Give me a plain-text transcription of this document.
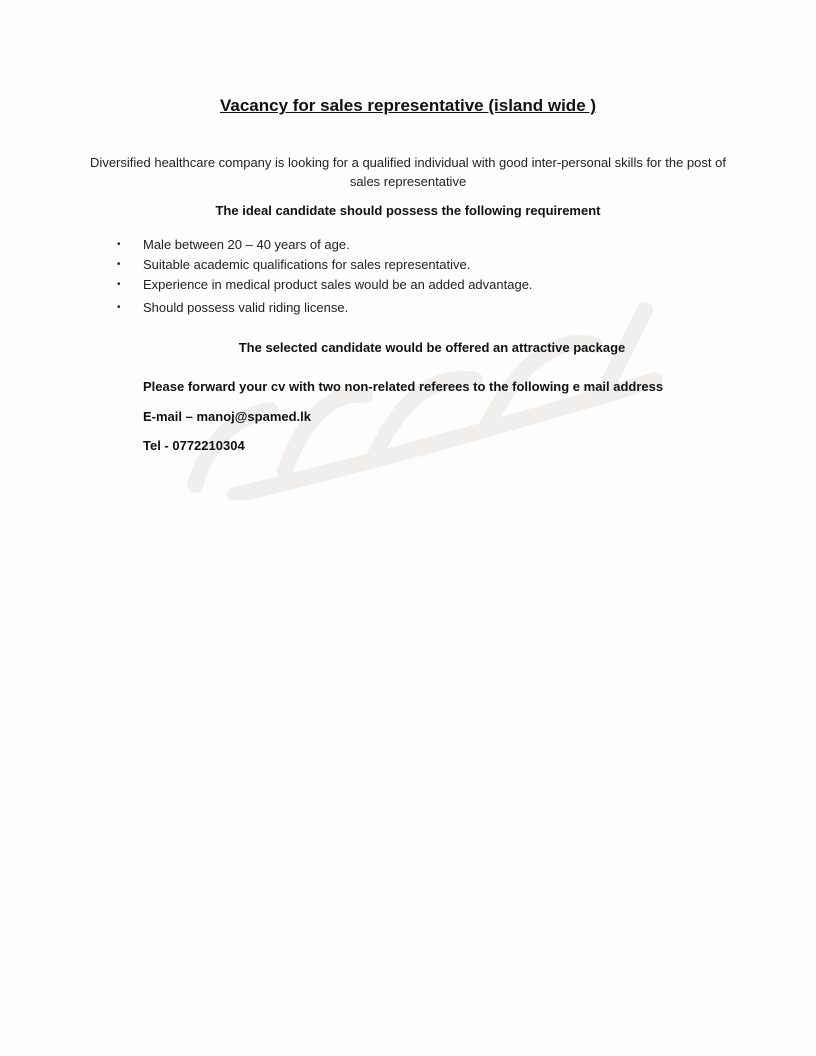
Vacancy for sales representative (island wide )
Diversified healthcare company is looking for a qualified individual with good inter-personal skills for the post of sales representative
The ideal candidate should possess the following requirement
• Male between 20 – 40 years of age.
• Suitable academic qualifications for sales representative.
• Experience in medical product sales would be an added advantage.
• Should possess valid riding license.
The selected candidate would be offered an attractive package
Please forward your cv with two non-related referees to the following e mail address
E-mail – manoj@spamed.lk
Tel - 0772210304
